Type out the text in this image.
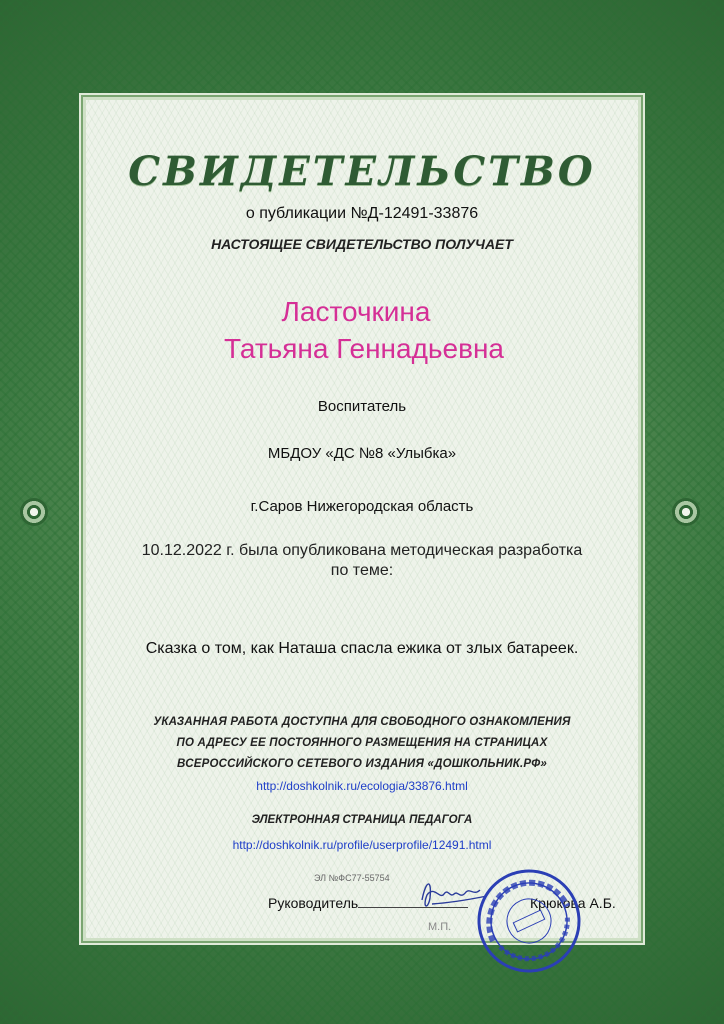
СВИДЕТЕЛЬСТВО
о публикации №Д-12491-33876
НАСТОЯЩЕЕ СВИДЕТЕЛЬСТВО ПОЛУЧАЕТ
Ласточкина
Татьяна Геннадьевна
Воспитатель
МБДОУ «ДС №8 «Улыбка»
г.Саров Нижегородская область
10.12.2022 г. была опубликована методическая разработка
по теме:
Сказка о том, как Наташа спасла ежика от злых батареек.
УКАЗАННАЯ РАБОТА ДОСТУПНА ДЛЯ СВОБОДНОГО ОЗНАКОМЛЕНИЯ
ПО АДРЕСУ ЕЕ ПОСТОЯННОГО РАЗМЕЩЕНИЯ НА СТРАНИЦАХ
ВСЕРОССИЙСКОГО СЕТЕВОГО ИЗДАНИЯ «ДОШКОЛЬНИК.РФ»
http://doshkolnik.ru/ecologia/33876.html
ЭЛЕКТРОННАЯ СТРАНИЦА ПЕДАГОГА
http://doshkolnik.ru/profile/userprofile/12491.html
ЭЛ №ФС77-55754
Руководитель	Крюкова А.Б.
М.П.
